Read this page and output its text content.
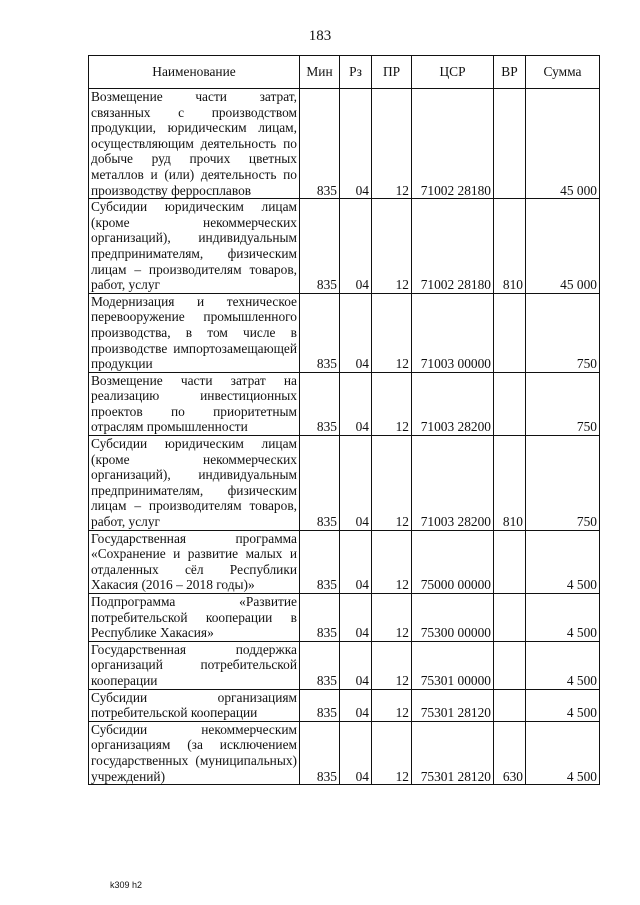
183
Наименование	Мин	Рз	ПР	ЦСР	ВР	Сумма
Возмещение части затрат, связанных с производством продукции, юридическим лицам, осуществляющим деятельность по добыче руд прочих цветных металлов и (или) деятельность по производству ферросплавов	835	04	12	71002 28180		45 000
Субсидии юридическим лицам (кроме некоммерческих организаций), индивидуальным предпринимателям, физическим лицам – производителям товаров, работ, услуг	835	04	12	71002 28180	810	45 000
Модернизация и техническое перевооружение промышленного производства, в том числе в производстве импортозамещающей продукции	835	04	12	71003 00000		750
Возмещение части затрат на реализацию инвестиционных проектов по приоритетным отраслям промышленности	835	04	12	71003 28200		750
Субсидии юридическим лицам (кроме некоммерческих организаций), индивидуальным предпринимателям, физическим лицам – производителям товаров, работ, услуг	835	04	12	71003 28200	810	750
Государственная программа «Сохранение и развитие малых и отдаленных сёл Республики Хакасия (2016 – 2018 годы)»	835	04	12	75000 00000		4 500
Подпрограмма «Развитие потребительской кооперации в Республике Хакасия»	835	04	12	75300 00000		4 500
Государственная поддержка организаций потребительской кооперации	835	04	12	75301 00000		4 500
Субсидии организациям потребительской кооперации	835	04	12	75301 28120		4 500
Субсидии некоммерческим организациям (за исключением государственных (муниципальных) учреждений)	835	04	12	75301 28120	630	4 500
k309 h2
